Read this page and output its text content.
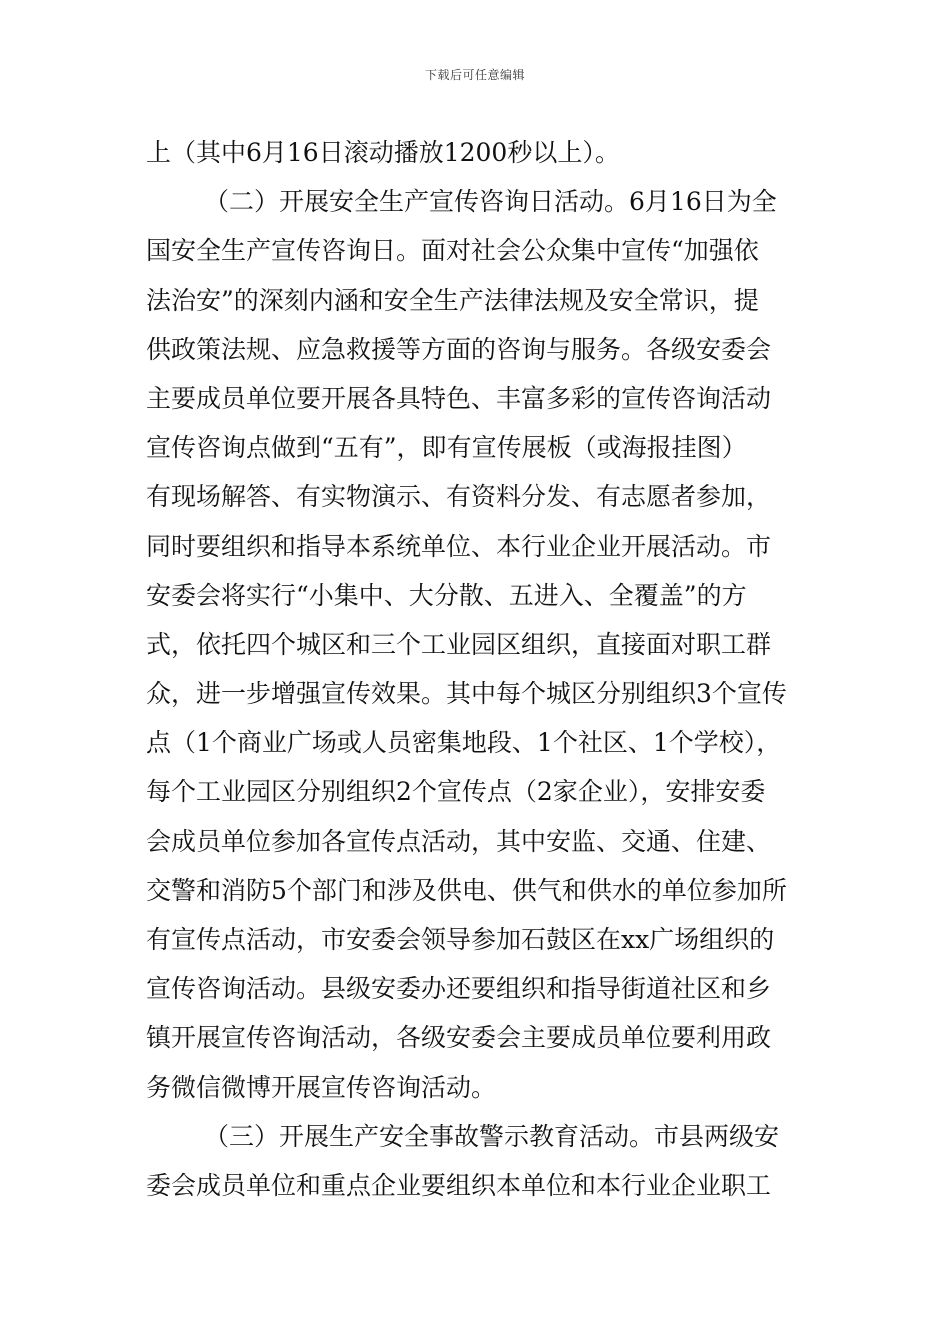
下载后可任意编辑
上（其中6月16日滚动播放1200秒以上）。
（二）开展安全生产宣传咨询日活动。6月16日为全
国安全生产宣传咨询日。面对社会公众集中宣传“加强依
法治安”的深刻内涵和安全生产法律法规及安全常识，提
供政策法规、应急救援等方面的咨询与服务。各级安委会
主要成员单位要开展各具特色、丰富多彩的宣传咨询活动
宣传咨询点做到“五有”，即有宣传展板（或海报挂图）
有现场解答、有实物演示、有资料分发、有志愿者参加，
同时要组织和指导本系统单位、本行业企业开展活动。市
安委会将实行“小集中、大分散、五进入、全覆盖”的方
式，依托四个城区和三个工业园区组织，直接面对职工群
众，进一步增强宣传效果。其中每个城区分别组织3个宣传
点（1个商业广场或人员密集地段、1个社区、1个学校），
每个工业园区分别组织2个宣传点（2家企业），安排安委
会成员单位参加各宣传点活动，其中安监、交通、住建、
交警和消防5个部门和涉及供电、供气和供水的单位参加所
有宣传点活动，市安委会领导参加石鼓区在xx广场组织的
宣传咨询活动。县级安委办还要组织和指导街道社区和乡
镇开展宣传咨询活动，各级安委会主要成员单位要利用政
务微信微博开展宣传咨询活动。
（三）开展生产安全事故警示教育活动。市县两级安
委会成员单位和重点企业要组织本单位和本行业企业职工
